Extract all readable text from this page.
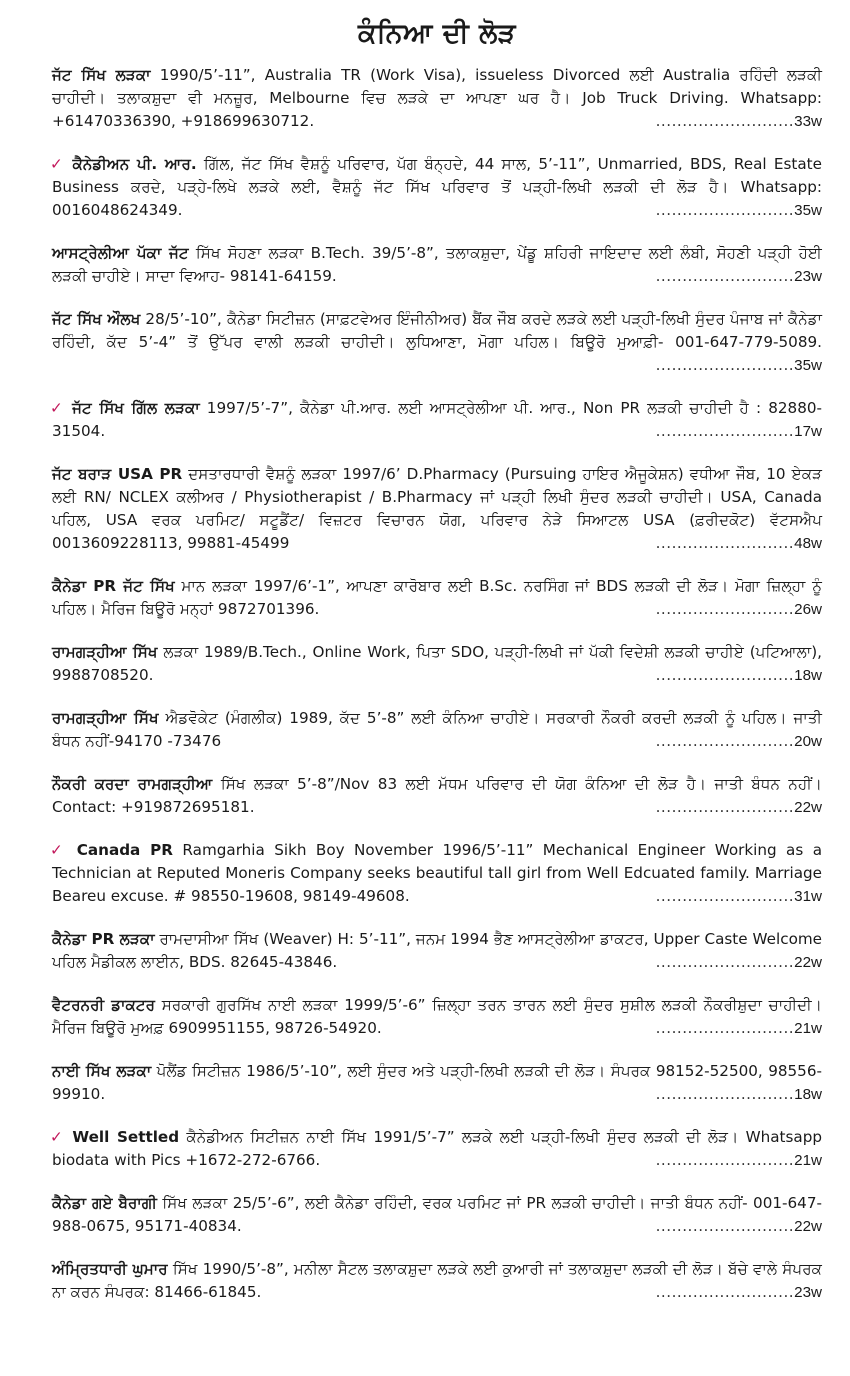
ਕੰਨਿਆ ਦੀ ਲੋੜ
ਜੱਟ ਸਿੱਖ ਲੜਕਾ 1990/5’-11”, Australia TR (Work Visa), issueless Divorced ਲਈ Australia ਰਹਿੰਦੀ ਲੜਕੀ ਚਾਹੀਦੀ। ਤਲਾਕਸ਼ੁਦਾ ਵੀ ਮਨਜ਼ੂਰ, Melbourne ਵਿਚ ਲੜਕੇ ਦਾ ਆਪਣਾ ਘਰ ਹੈ। Job Truck Driving. Whatsapp: +61470336390, +918699630712.	..........................33w
✓ ਕੈਨੇਡੀਅਨ ਪੀ. ਆਰ. ਗਿੱਲ, ਜੱਟ ਸਿੱਖ ਵੈਸ਼ਨੂੰ ਪਰਿਵਾਰ, ਪੱਗ ਬੰਨ੍ਹਦੇ, 44 ਸਾਲ, 5’-11”, Unmarried, BDS, Real Estate Business ਕਰਦੇ, ਪੜ੍ਹੇ-ਲਿਖੇ ਲੜਕੇ ਲਈ, ਵੈਸ਼ਨੂੰ ਜੱਟ ਸਿੱਖ ਪਰਿਵਾਰ ਤੋਂ ਪੜ੍ਹੀ-ਲਿਖੀ ਲੜਕੀ ਦੀ ਲੋੜ ਹੈ। Whatsapp: 0016048624349.	..........................35w
ਆਸਟ੍ਰੇਲੀਆ ਪੱਕਾ ਜੱਟ ਸਿੱਖ ਸੋਹਣਾ ਲੜਕਾ B.Tech. 39/5’-8”, ਤਲਾਕਸ਼ੁਦਾ, ਪੇਂਡੂ ਸ਼ਹਿਰੀ ਜਾਇਦਾਦ ਲਈ ਲੰਬੀ, ਸੋਹਣੀ ਪੜ੍ਹੀ ਹੋਈ ਲੜਕੀ ਚਾਹੀਏ। ਸਾਦਾ ਵਿਆਹ- 98141-64159.	..........................23w
ਜੱਟ ਸਿੱਖ ਔਲਖ 28/5’-10”, ਕੈਨੇਡਾ ਸਿਟੀਜ਼ਨ (ਸਾਫ਼ਟਵੇਅਰ ਇੰਜੀਨੀਅਰ) ਬੈਂਕ ਜੌਬ ਕਰਦੇ ਲੜਕੇ ਲਈ ਪੜ੍ਹੀ-ਲਿਖੀ ਸੁੰਦਰ ਪੰਜਾਬ ਜਾਂ ਕੈਨੇਡਾ ਰਹਿੰਦੀ, ਕੱਦ 5’-4” ਤੋਂ ਉੱਪਰ ਵਾਲੀ ਲੜਕੀ ਚਾਹੀਦੀ। ਲੁਧਿਆਣਾ, ਮੋਗਾ ਪਹਿਲ। ਬਿਊਰੋ ਮੁਆਫ਼ੀ- 001-647-779-5089.
..........................35w
✓ ਜੱਟ ਸਿੱਖ ਗਿੱਲ ਲੜਕਾ 1997/5’-7”, ਕੈਨੇਡਾ ਪੀ.ਆਰ. ਲਈ ਆਸਟ੍ਰੇਲੀਆ ਪੀ. ਆਰ., Non PR ਲੜਕੀ ਚਾਹੀਦੀ ਹੈ : 82880-31504.	..........................17w
ਜੱਟ ਬਰਾੜ USA PR ਦਸਤਾਰਧਾਰੀ ਵੈਸ਼ਨੂੰ ਲੜਕਾ 1997/6’ D.Pharmacy (Pursuing ਹਾਇਰ ਐਜੂਕੇਸ਼ਨ) ਵਧੀਆ ਜੌਬ, 10 ਏਕੜ ਲਈ RN/ NCLEX ਕਲੀਅਰ / Physiotherapist / B.Pharmacy ਜਾਂ ਪੜ੍ਹੀ ਲਿਖੀ ਸੁੰਦਰ ਲੜਕੀ ਚਾਹੀਦੀ। USA, Canada ਪਹਿਲ, USA ਵਰਕ ਪਰਮਿਟ/ ਸਟੂਡੈਂਟ/ ਵਿਜ਼ਟਰ ਵਿਚਾਰਨ ਯੋਗ, ਪਰਿਵਾਰ ਨੇੜੇ ਸਿਆਟਲ USA (ਫ਼ਰੀਦਕੋਟ) ਵੱਟਸਐਪ 0013609228113, 99881-45499	..........................48w
ਕੈਨੇਡਾ PR ਜੱਟ ਸਿੱਖ ਮਾਨ ਲੜਕਾ 1997/6’-1”, ਆਪਣਾ ਕਾਰੋਬਾਰ ਲਈ B.Sc. ਨਰਸਿੰਗ ਜਾਂ BDS ਲੜਕੀ ਦੀ ਲੋੜ। ਮੋਗਾ ਜ਼ਿਲ੍ਹਾ ਨੂੰ ਪਹਿਲ। ਮੈਰਿਜ ਬਿਊਰੋ ਮਨ੍ਹਾਂ 9872701396.	..........................26w
ਰਾਮਗੜ੍ਹੀਆ ਸਿੱਖ ਲੜਕਾ 1989/B.Tech., Online Work, ਪਿਤਾ SDO, ਪੜ੍ਹੀ-ਲਿਖੀ ਜਾਂ ਪੱਕੀ ਵਿਦੇਸ਼ੀ ਲੜਕੀ ਚਾਹੀਏ (ਪਟਿਆਲਾ), 9988708520.	..........................18w
ਰਾਮਗੜ੍ਹੀਆ ਸਿੱਖ ਐਡਵੋਕੇਟ (ਮੰਗਲੀਕ) 1989, ਕੱਦ 5’-8” ਲਈ ਕੰਨਿਆ ਚਾਹੀਏ। ਸਰਕਾਰੀ ਨੌਕਰੀ ਕਰਦੀ ਲੜਕੀ ਨੂੰ ਪਹਿਲ। ਜਾਤੀ ਬੰਧਨ ਨਹੀਂ-94170 -73476	..........................20w
ਨੌਕਰੀ ਕਰਦਾ ਰਾਮਗੜ੍ਹੀਆ ਸਿੱਖ ਲੜਕਾ 5’-8”/Nov 83 ਲਈ ਮੱਧਮ ਪਰਿਵਾਰ ਦੀ ਯੋਗ ਕੰਨਿਆ ਦੀ ਲੋੜ ਹੈ। ਜਾਤੀ ਬੰਧਨ ਨਹੀਂ। Contact: +919872695181.	..........................22w
✓ Canada PR Ramgarhia Sikh Boy November 1996/5’-11” Mechanical Engineer Working as a Technician at Reputed Moneris Company seeks beautiful tall girl from Well Edcuated family. Marriage Beareu excuse. # 98550-19608, 98149-49608.	..........................31w
ਕੈਨੇਡਾ PR ਲੜਕਾ ਰਾਮਦਾਸੀਆ ਸਿੱਖ (Weaver) H: 5’-11”, ਜਨਮ 1994 ਭੈਣ ਆਸਟ੍ਰੇਲੀਆ ਡਾਕਟਰ, Upper Caste Welcome ਪਹਿਲ ਮੈਡੀਕਲ ਲਾਈਨ, BDS. 82645-43846.	..........................22w
ਵੈਟਰਨਰੀ ਡਾਕਟਰ ਸਰਕਾਰੀ ਗੁਰਸਿੱਖ ਨਾਈ ਲੜਕਾ 1999/5’-6” ਜ਼ਿਲ੍ਹਾ ਤਰਨ ਤਾਰਨ ਲਈ ਸੁੰਦਰ ਸੁਸ਼ੀਲ ਲੜਕੀ ਨੌਕਰੀਸ਼ੁਦਾ ਚਾਹੀਦੀ। ਮੈਰਿਜ ਬਿਊਰੋ ਮੁਅਫ਼ 6909951155, 98726-54920.	..........................21w
ਨਾਈ ਸਿੱਖ ਲੜਕਾ ਪੋਲੈਂਡ ਸਿਟੀਜ਼ਨ 1986/5’-10”, ਲਈ ਸੁੰਦਰ ਅਤੇ ਪੜ੍ਹੀ-ਲਿਖੀ ਲੜਕੀ ਦੀ ਲੋੜ। ਸੰਪਰਕ 98152-52500, 98556-99910.	..........................18w
✓ Well Settled ਕੈਨੇਡੀਅਨ ਸਿਟੀਜ਼ਨ ਨਾਈ ਸਿੱਖ 1991/5’-7” ਲੜਕੇ ਲਈ ਪੜ੍ਹੀ-ਲਿਖੀ ਸੁੰਦਰ ਲੜਕੀ ਦੀ ਲੋੜ। Whatsapp biodata with Pics +1672-272-6766.	..........................21w
ਕੈਨੇਡਾ ਗਏ ਬੈਰਾਗੀ ਸਿੱਖ ਲੜਕਾ 25/5’-6”, ਲਈ ਕੈਨੇਡਾ ਰਹਿੰਦੀ, ਵਰਕ ਪਰਮਿਟ ਜਾਂ PR ਲੜਕੀ ਚਾਹੀਦੀ। ਜਾਤੀ ਬੰਧਨ ਨਹੀਂ- 001-647-988-0675, 95171-40834.	..........................22w
ਅੰਮ੍ਰਿਤਧਾਰੀ ਘੁਮਾਰ ਸਿੱਖ 1990/5’-8”, ਮਨੀਲਾ ਸੈਟਲ ਤਲਾਕਸ਼ੁਦਾ ਲੜਕੇ ਲਈ ਕੁਆਰੀ ਜਾਂ ਤਲਾਕਸ਼ੁਦਾ ਲੜਕੀ ਦੀ ਲੋੜ। ਬੱਚੇ ਵਾਲੇ ਸੰਪਰਕ ਨਾ ਕਰਨ ਸੰਪਰਕ: 81466-61845.	..........................23w
